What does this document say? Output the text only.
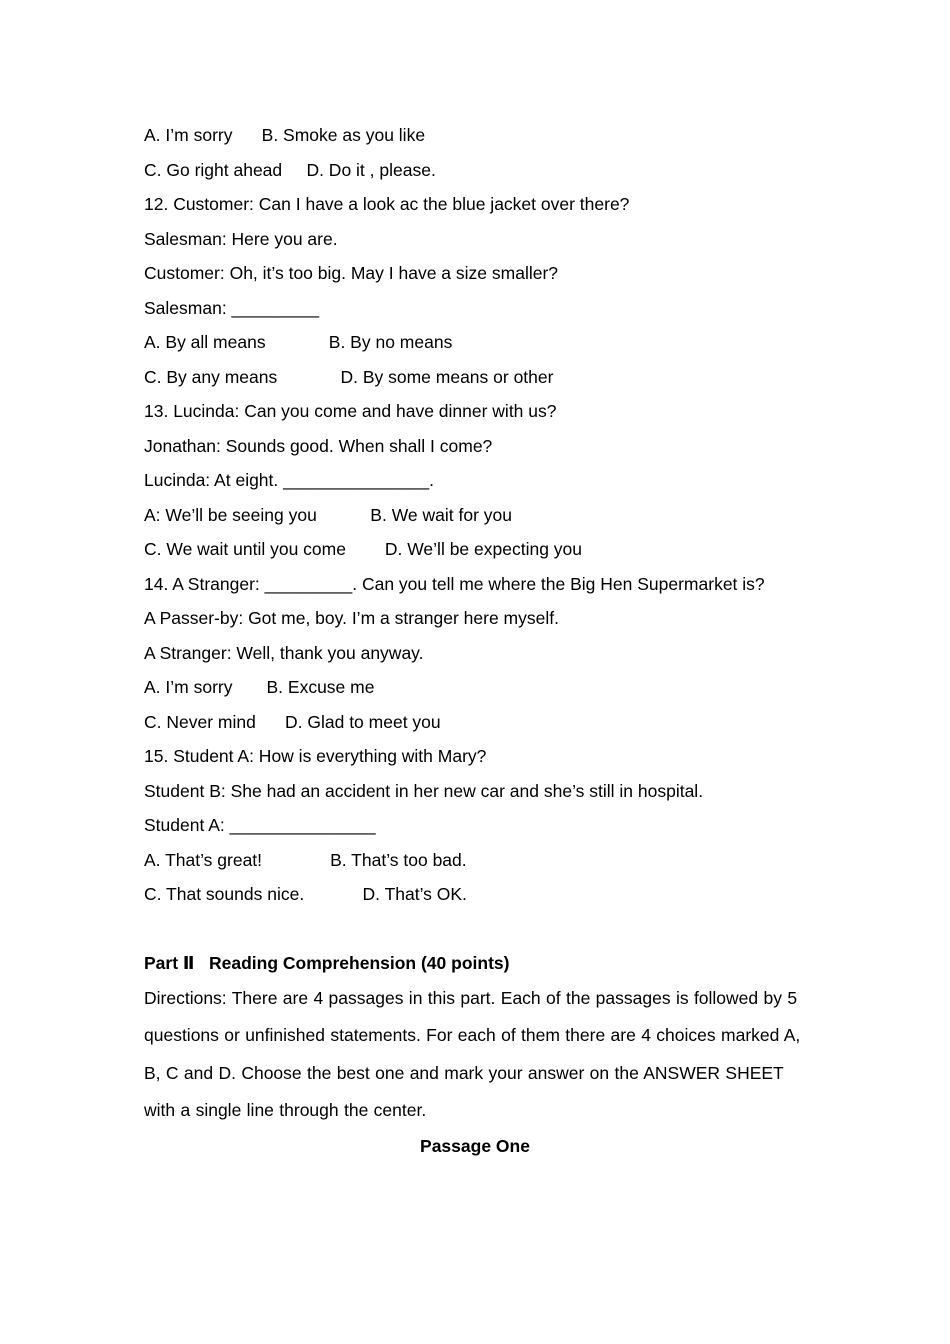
A. I’m sorry      B. Smoke as you like
C. Go right ahead     D. Do it , please.
12. Customer: Can I have a look ac the blue jacket over there?
Salesman: Here you are.
Customer: Oh, it’s too big. May I have a size smaller?
Salesman: _________
A. By all means             B. By no means
C. By any means             D. By some means or other
13. Lucinda: Can you come and have dinner with us?
Jonathan: Sounds good. When shall I come?
Lucinda: At eight. _______________.
A: We’ll be seeing you           B. We wait for you
C. We wait until you come        D. We’ll be expecting you
14. A Stranger: _________. Can you tell me where the Big Hen Supermarket is?
A Passer-by: Got me, boy. I’m a stranger here myself.
A Stranger: Well, thank you anyway.
A. I’m sorry       B. Excuse me
C. Never mind      D. Glad to meet you
15. Student A: How is everything with Mary?
Student B: She had an accident in her new car and she’s still in hospital.
Student A: _______________
A. That’s great!              B. That’s too bad.
C. That sounds nice.            D. That’s OK.
Part Ⅱ   Reading Comprehension (40 points)
Directions: There are 4 passages in this part. Each of the passages is followed by 5 questions or unfinished statements. For each of them there are 4 choices marked A, B, C and D. Choose the best one and mark your answer on the ANSWER SHEET with a single line through the center.
Passage One
